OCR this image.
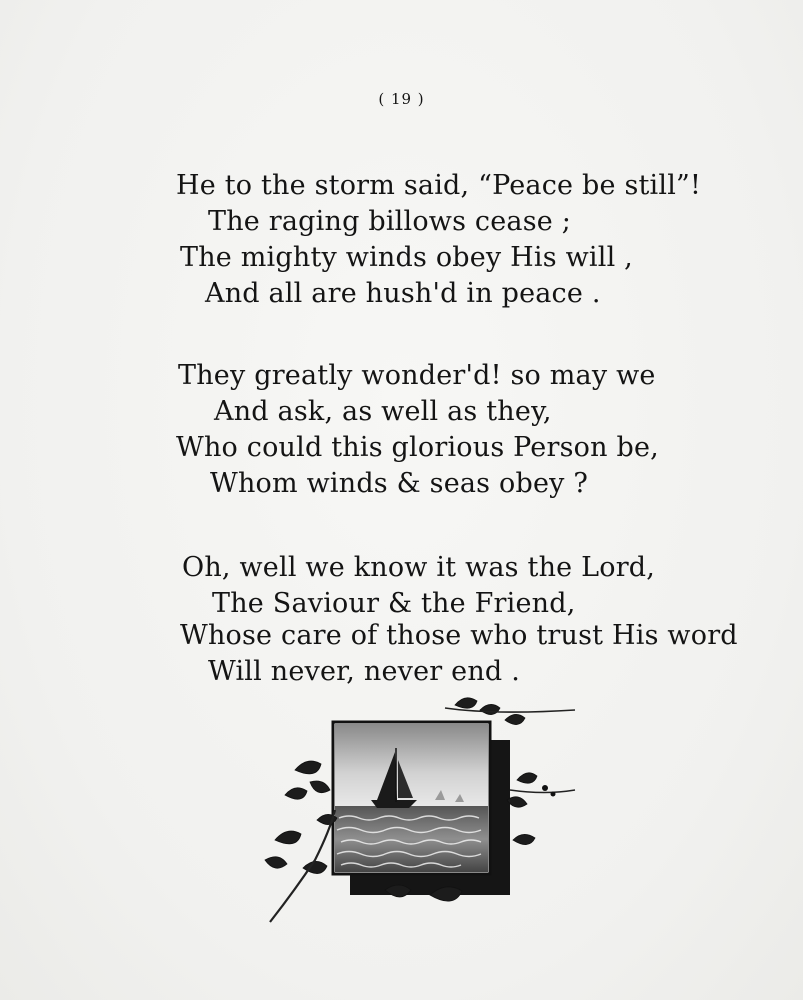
( 19 )
He to the storm said, “Peace be still”!
The raging billows cease ;
The mighty winds obey His will ,
And all are hush'd in peace .
They greatly wonder'd! so may we
And ask, as well as they,
Who could this glorious Person be,
Whom winds & seas obey ?
Oh, well we know it was the Lord,
The Saviour & the Friend,
Whose care of those who trust His word
Will never, never end .
